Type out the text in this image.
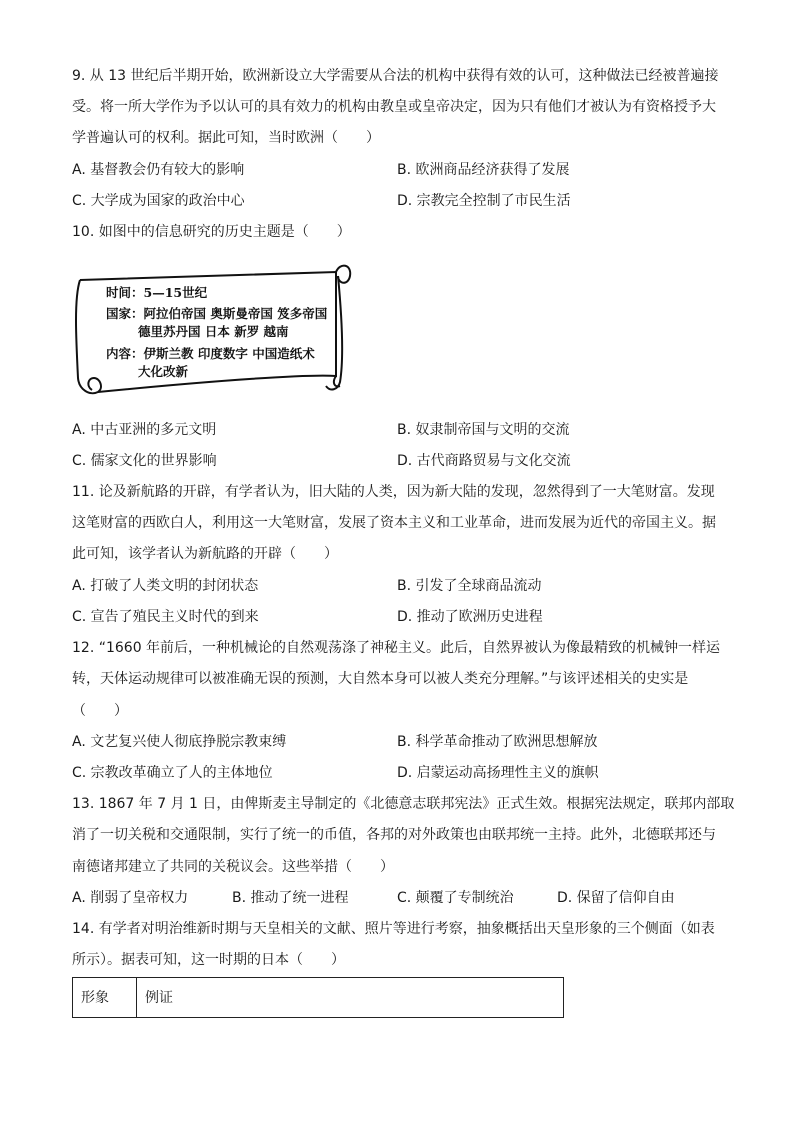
9. 从 13 世纪后半期开始，欧洲新设立大学需要从合法的机构中获得有效的认可，这种做法已经被普遍接
受。将一所大学作为予以认可的具有效力的机构由教皇或皇帝决定，因为只有他们才被认为有资格授予大
学普遍认可的权利。据此可知，当时欧洲（　　）
A. 基督教会仍有较大的影响	B. 欧洲商品经济获得了发展
C. 大学成为国家的政治中心	D. 宗教完全控制了市民生活
10. 如图中的信息研究的历史主题是（　　）
时间：5—15世纪
国家：阿拉伯帝国 奥斯曼帝国 笈多帝国
德里苏丹国 日本 新罗 越南
内容：伊斯兰教 印度数字 中国造纸术
大化改新
A. 中古亚洲的多元文明	B. 奴隶制帝国与文明的交流
C. 儒家文化的世界影响	D. 古代商路贸易与文化交流
11. 论及新航路的开辟，有学者认为，旧大陆的人类，因为新大陆的发现，忽然得到了一大笔财富。发现
这笔财富的西欧白人，利用这一大笔财富，发展了资本主义和工业革命，进而发展为近代的帝国主义。据
此可知，该学者认为新航路的开辟（　　）
A. 打破了人类文明的封闭状态	B. 引发了全球商品流动
C. 宣告了殖民主义时代的到来	D. 推动了欧洲历史进程
12. “1660 年前后，一种机械论的自然观荡涤了神秘主义。此后，自然界被认为像最精致的机械钟一样运
转，天体运动规律可以被准确无误的预测，大自然本身可以被人类充分理解。”与该评述相关的史实是
（　　）
A. 文艺复兴使人彻底挣脱宗教束缚	B. 科学革命推动了欧洲思想解放
C. 宗教改革确立了人的主体地位	D. 启蒙运动高扬理性主义的旗帜
13. 1867 年 7 月 1 日，由俾斯麦主导制定的《北德意志联邦宪法》正式生效。根据宪法规定，联邦内部取
消了一切关税和交通限制，实行了统一的币值，各邦的对外政策也由联邦统一主持。此外，北德联邦还与
南德诸邦建立了共同的关税议会。这些举措（　　）
A. 削弱了皇帝权力	B. 推动了统一进程	C. 颠覆了专制统治	D. 保留了信仰自由
14. 有学者对明治维新时期与天皇相关的文献、照片等进行考察，抽象概括出天皇形象的三个侧面（如表
所示）。据表可知，这一时期的日本（　　）
形象	例证
